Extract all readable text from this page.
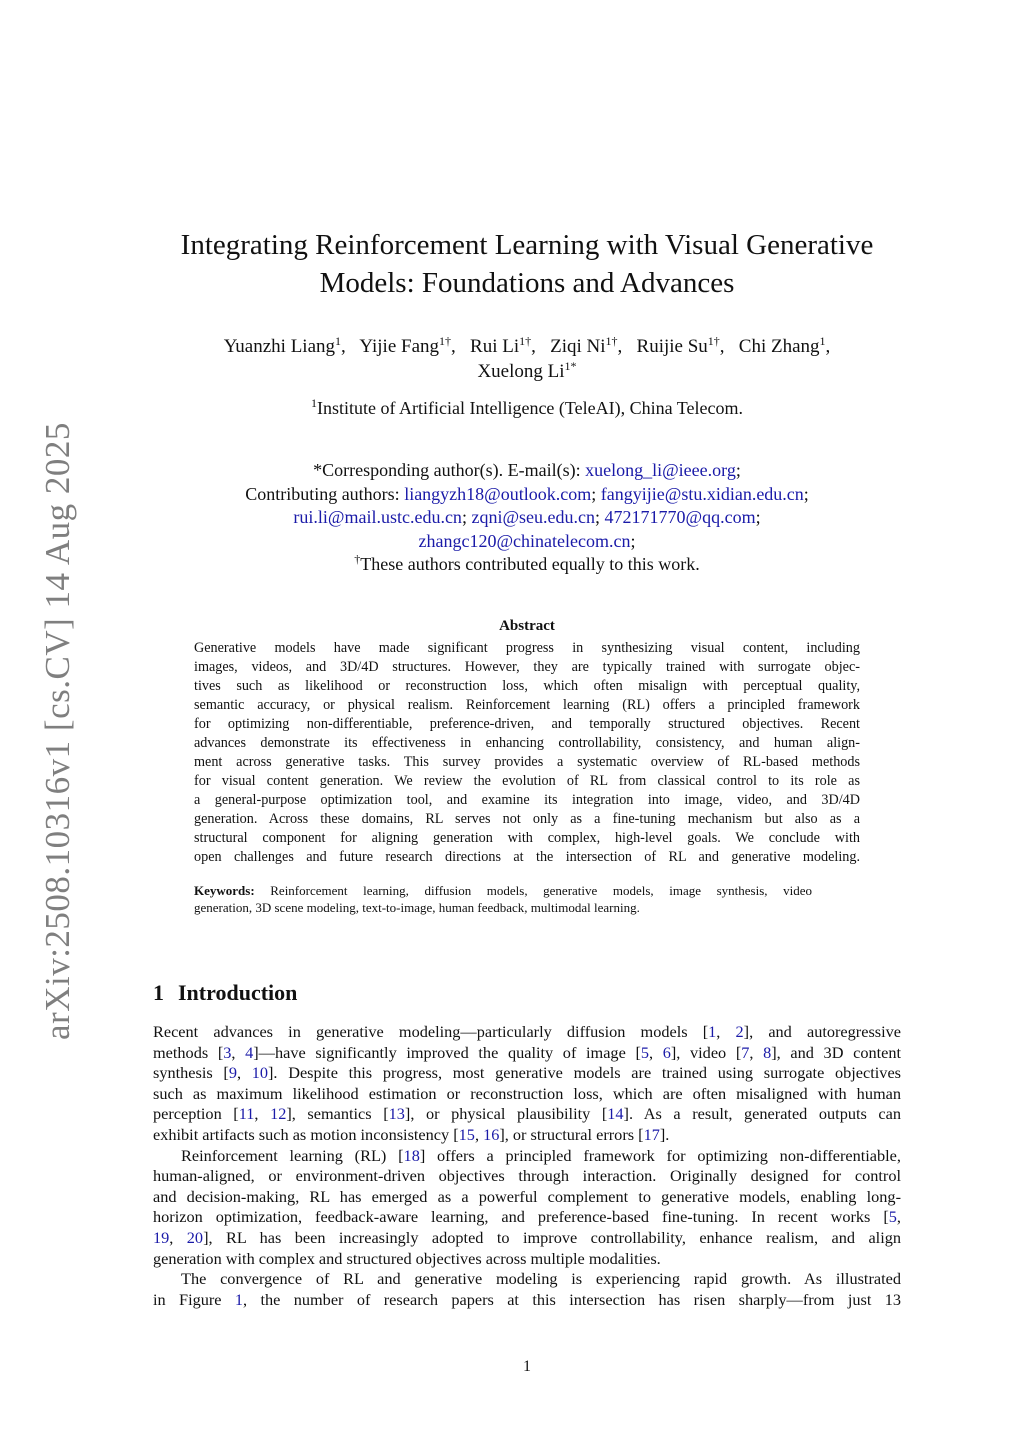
arXiv:2508.10316v1 [cs.CV] 14 Aug 2025
Integrating Reinforcement Learning with Visual Generative
Models: Foundations and Advances
Yuanzhi Liang$^1$, Yijie Fang$^{1\dagger}$, Rui $Li^{1\dagger}$, Ziqi $Ni^{1\dagger}$, Ruijie $Su^{1\dagger}$, Chi Zhang$^1$,
Xuelong $Li^{1*}$
$^1$Institute of Artificial Intelligence (TeleAI), China Telecom.
*Corresponding author(s). E-mail(s): xuelong_li@ieee.org;
Contributing authors: liangyzh18@outlook.com; fangyijie@stu.xidian.edu.cn;
rui.li@mail.ustc.edu.cn; zqni@seu.edu.cn; 472171770@qq.com;
zhangc120@chinatelecom.cn;
†These authors contributed equally to this work.
Abstract
Generative models have made significant progress in synthesizing visual content, including
images, videos, and 3D/4D structures. However, they are typically trained with surrogate objec-
tives such as likelihood or reconstruction loss, which often misalign with perceptual quality,
semantic accuracy, or physical realism. Reinforcement learning (RL) offers a principled framework
for optimizing non-differentiable, preference-driven, and temporally structured objectives. Recent
advances demonstrate its effectiveness in enhancing controllability, consistency, and human align-
ment across generative tasks. This survey provides a systematic overview of RL-based methods
for visual content generation. We review the evolution of RL from classical control to its role as
a general-purpose optimization tool, and examine its integration into image, video, and 3D/4D
generation. Across these domains, RL serves not only as a fine-tuning mechanism but also as a
structural component for aligning generation with complex, high-level goals. We conclude with
open challenges and future research directions at the intersection of RL and generative modeling.
Keywords: Reinforcement learning, diffusion models, generative models, image synthesis, video
generation, 3D scene modeling, text-to-image, human feedback, multimodal learning.
1 Introduction
Recent advances in generative modeling—particularly diffusion models [1, 2], and autoregressive
methods [3, 4]—have significantly improved the quality of image [5, 6], video [7, 8], and 3D content
synthesis [9, 10]. Despite this progress, most generative models are trained using surrogate objectives
such as maximum likelihood estimation or reconstruction loss, which are often misaligned with human
perception [11, 12], semantics [13], or physical plausibility [14]. As a result, generated outputs can
exhibit artifacts such as motion inconsistency [15, 16], or structural errors [17].
Reinforcement learning (RL) [18] offers a principled framework for optimizing non-differentiable,
human-aligned, or environment-driven objectives through interaction. Originally designed for control
and decision-making, RL has emerged as a powerful complement to generative models, enabling long-
horizon optimization, feedback-aware learning, and preference-based fine-tuning. In recent works [5,
19, 20], RL has been increasingly adopted to improve controllability, enhance realism, and align
generation with complex and structured objectives across multiple modalities.
The convergence of RL and generative modeling is experiencing rapid growth. As illustrated
in Figure 1, the number of research papers at this intersection has risen sharply—from just 13
1
